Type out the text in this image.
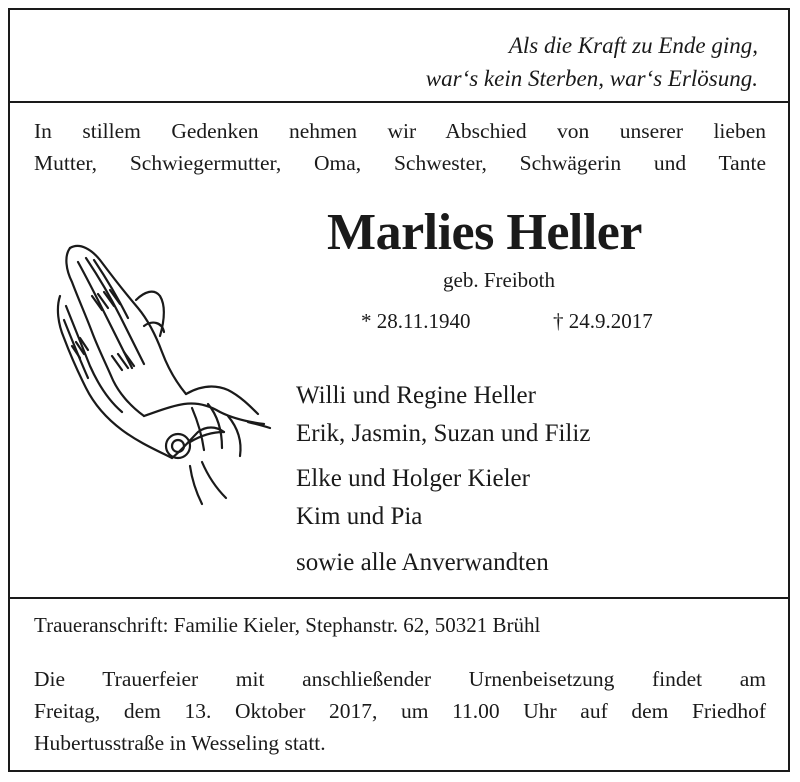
Als die Kraft zu Ende ging,
war‘s kein Sterben, war‘s Erlösung.
In stillem Gedenken nehmen wir Abschied von unserer lieben
Mutter, Schwiegermutter, Oma, Schwester, Schwägerin und Tante
Marlies Heller
geb. Freiboth
* 28.11.1940	† 24.9.2017
Willi und Regine Heller
Erik, Jasmin, Suzan und Filiz
Elke und Holger Kieler
Kim und Pia
sowie alle Anverwandten
Traueranschrift: Familie Kieler, Stephanstr. 62, 50321 Brühl
Die Trauerfeier mit anschließender Urnenbeisetzung findet am
Freitag, dem 13. Oktober 2017, um 11.00 Uhr auf dem Friedhof
Hubertusstraße in Wesseling statt.
